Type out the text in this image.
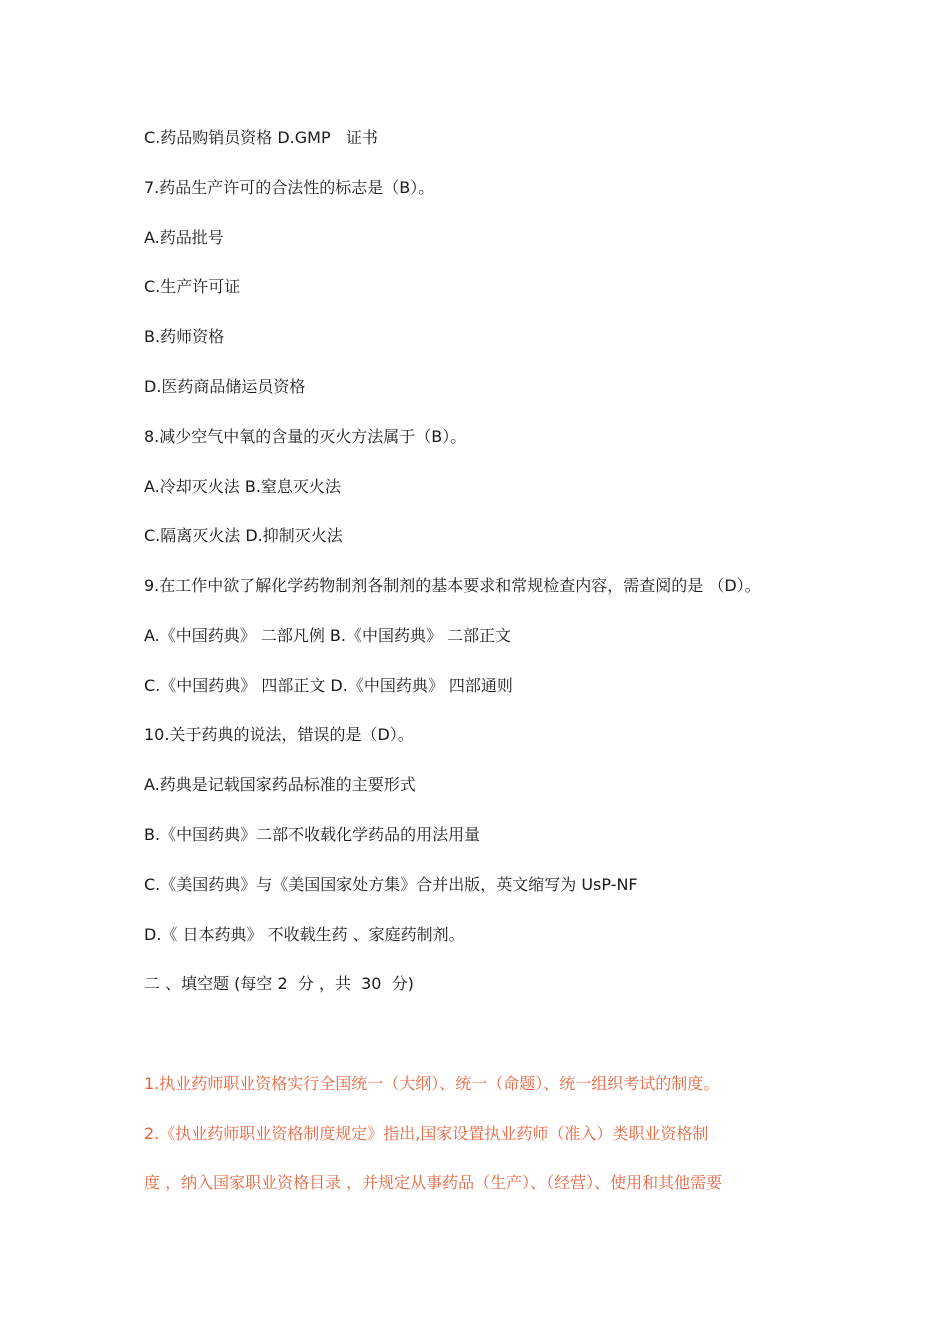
C.药品购销员资格 D.GMP   证书
7.药品生产许可的合法性的标志是（B）。
A.药品批号
C.生产许可证
B.药师资格
D.医药商品储运员资格
8.减少空气中氧的含量的灭火方法属于（B）。
A.冷却灭火法 B.窒息灭火法
C.隔离灭火法 D.抑制灭火法
9.在工作中欲了解化学药物制剂各制剂的基本要求和常规检查内容，需查阅的是 （D）。
A.《中国药典》 二部凡例 B.《中国药典》 二部正文
C.《中国药典》 四部正文 D.《中国药典》 四部通则
10.关于药典的说法，错误的是（D）。
A.药典是记载国家药品标准的主要形式
B.《中国药典》二部不收载化学药品的用法用量
C.《美国药典》与《美国国家处方集》合并出版，英文缩写为 UsP-NF
D.《 日本药典》 不收载生药 、家庭药制剂。
二 、填空题 (每空 2  分 ，共  30  分)
1.执业药师职业资格实行全国统一（大纲）、统一（命题）、统一组织考试的制度。
2.《执业药师职业资格制度规定》指出,国家设置执业药师（准入）类职业资格制
度 ，纳入国家职业资格目录 ，并规定从事药品（生产）、（经营）、使用和其他需要
